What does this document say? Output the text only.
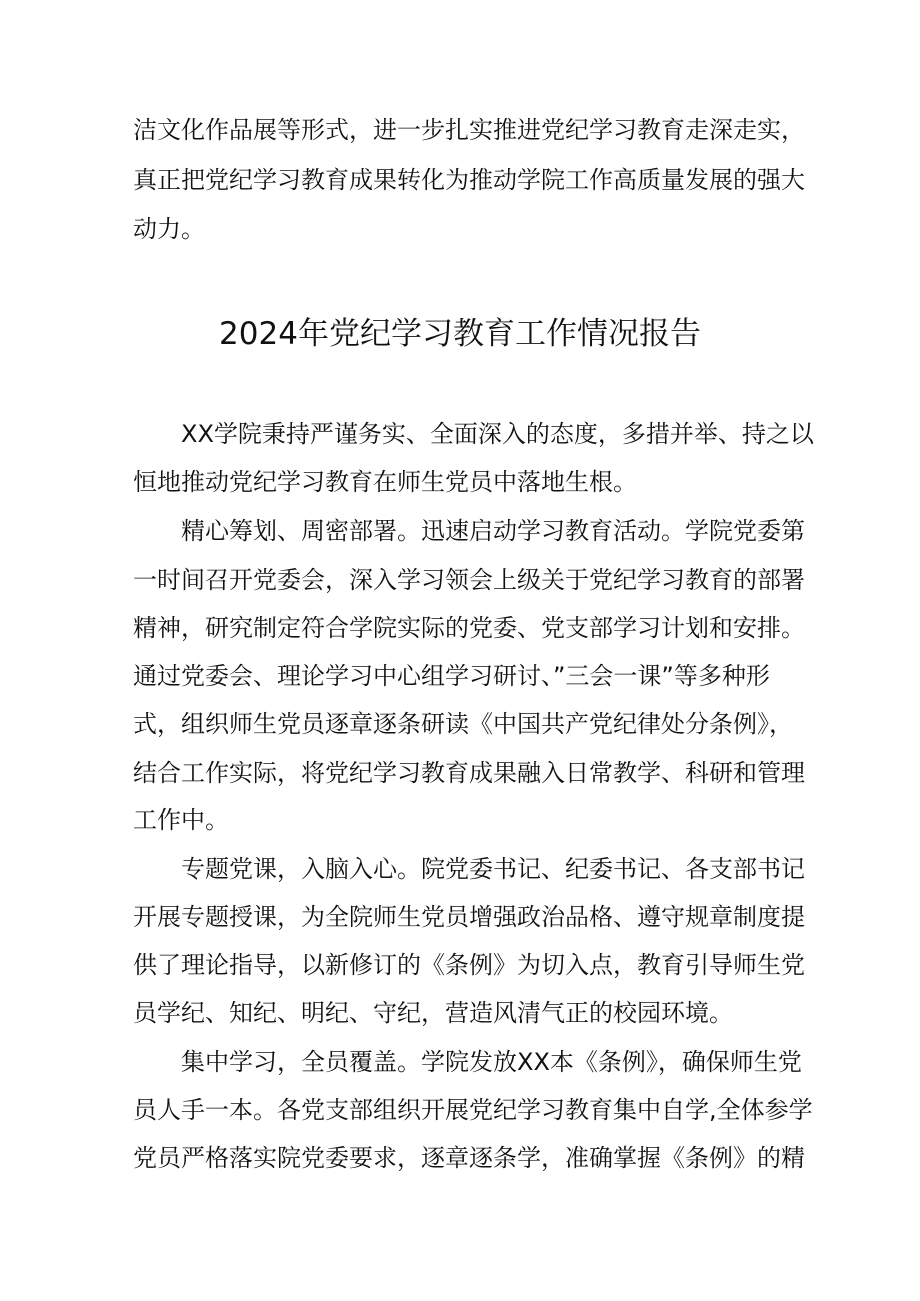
洁文化作品展等形式，进一步扎实推进党纪学习教育走深走实，
真正把党纪学习教育成果转化为推动学院工作高质量发展的强大
动力。
2024年党纪学习教育工作情况报告
XX学院秉持严谨务实、全面深入的态度，多措并举、持之以
恒地推动党纪学习教育在师生党员中落地生根。
精心筹划、周密部署。迅速启动学习教育活动。学院党委第
一时间召开党委会，深入学习领会上级关于党纪学习教育的部署
精神，研究制定符合学院实际的党委、党支部学习计划和安排。
通过党委会、理论学习中心组学习研讨、”三会一课”等多种形
式，组织师生党员逐章逐条研读《中国共产党纪律处分条例》，
结合工作实际，将党纪学习教育成果融入日常教学、科研和管理
工作中。
专题党课，入脑入心。院党委书记、纪委书记、各支部书记
开展专题授课，为全院师生党员增强政治品格、遵守规章制度提
供了理论指导，以新修订的《条例》为切入点，教育引导师生党
员学纪、知纪、明纪、守纪，营造风清气正的校园环境。
集中学习，全员覆盖。学院发放XX本《条例》，确保师生党
员人手一本。各党支部组织开展党纪学习教育集中自学,全体参学
党员严格落实院党委要求，逐章逐条学，准确掌握《条例》的精
